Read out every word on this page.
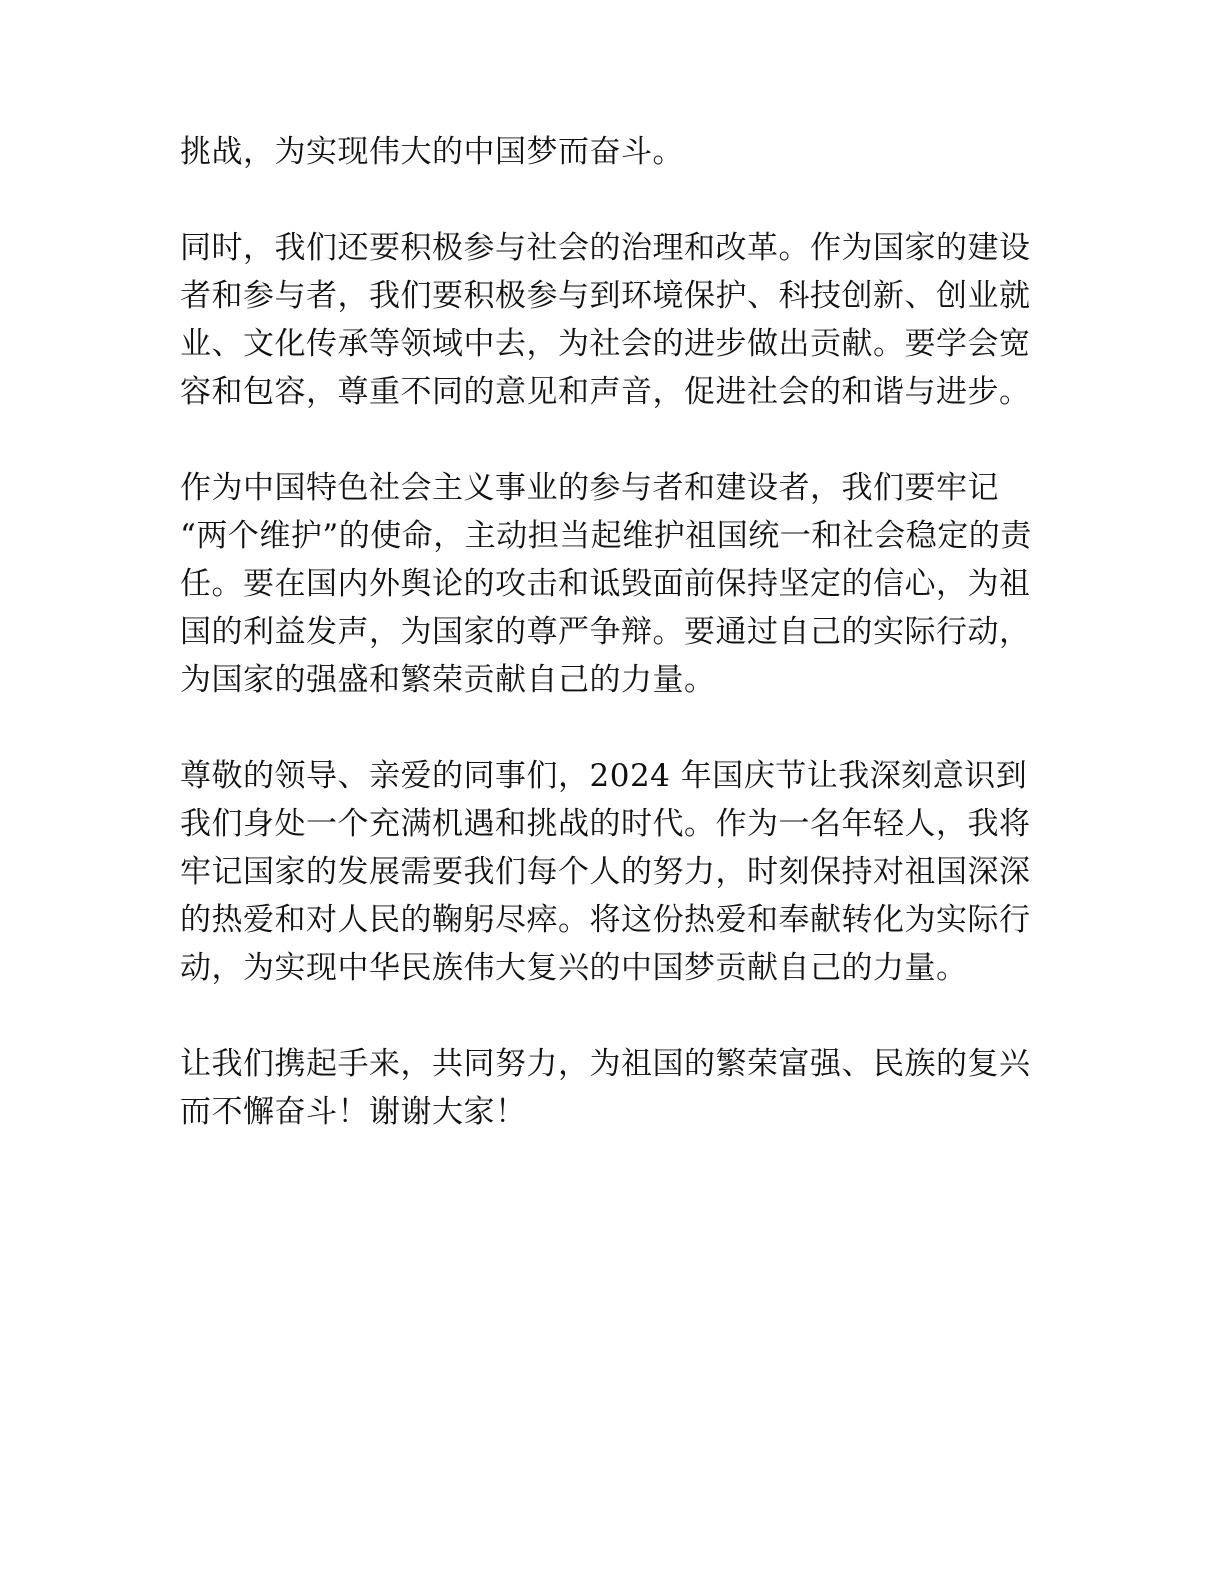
挑战，为实现伟大的中国梦而奋斗。

同时，我们还要积极参与社会的治理和改革。作为国家的建设
者和参与者，我们要积极参与到环境保护、科技创新、创业就
业、文化传承等领域中去，为社会的进步做出贡献。要学会宽
容和包容，尊重不同的意见和声音，促进社会的和谐与进步。

作为中国特色社会主义事业的参与者和建设者，我们要牢记
“两个维护”的使命，主动担当起维护祖国统一和社会稳定的责
任。要在国内外舆论的攻击和诋毁面前保持坚定的信心，为祖
国的利益发声，为国家的尊严争辩。要通过自己的实际行动，
为国家的强盛和繁荣贡献自己的力量。

尊敬的领导、亲爱的同事们，2024 年国庆节让我深刻意识到
我们身处一个充满机遇和挑战的时代。作为一名年轻人，我将
牢记国家的发展需要我们每个人的努力，时刻保持对祖国深深
的热爱和对人民的鞠躬尽瘁。将这份热爱和奉献转化为实际行
动，为实现中华民族伟大复兴的中国梦贡献自己的力量。

让我们携起手来，共同努力，为祖国的繁荣富强、民族的复兴
而不懈奋斗！谢谢大家！
